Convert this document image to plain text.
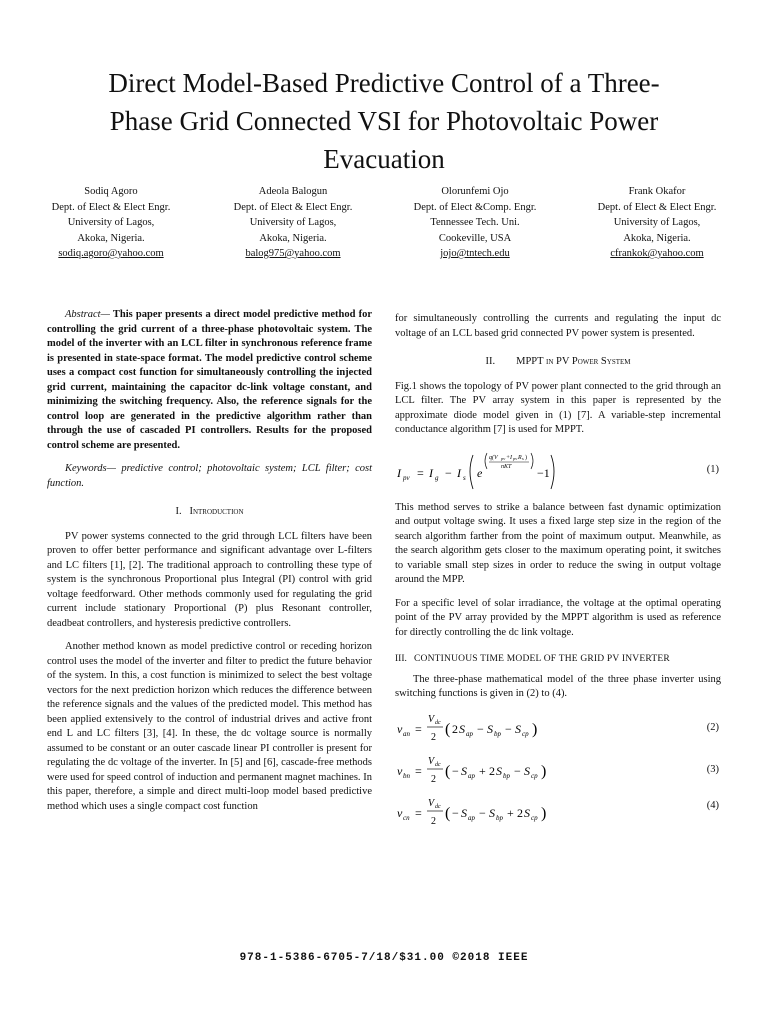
Direct Model-Based Predictive Control of a Three-
Phase Grid Connected VSI for Photovoltaic Power
Evacuation
Sodiq Agoro
Dept. of Elect & Elect Engr.
University of Lagos,
Akoka, Nigeria.
sodiq.agoro@yahoo.com
Adeola Balogun
Dept. of Elect & Elect Engr.
University of Lagos,
Akoka, Nigeria.
balog975@yahoo.com
Olorunfemi Ojo
Dept. of Elect &Comp. Engr.
Tennessee Tech. Uni.
Cookeville, USA
jojo@tntech.edu
Frank Okafor
Dept. of Elect & Elect Engr.
University of Lagos,
Akoka, Nigeria.
cfrankok@yahoo.com

Abstract— This paper presents a direct model predictive method for controlling the grid current of a three-phase photovoltaic system. The model of the inverter with an LCL filter in synchronous reference frame is presented in state-space format. The model predictive control scheme uses a compact cost function for simultaneously controlling the injected grid current, maintaining the capacitor dc-link voltage constant, and minimizing the switching frequency. Also, the reference signals for the control loop are generated in the predictive algorithm rather than through the use of cascaded PI controllers. Results for the proposed control scheme are presented.

Keywords— predictive control; photovoltaic system; LCL filter; cost function.

I. Introduction

PV power systems connected to the grid through LCL filters have been proven to offer better performance and significant advantage over L-filters and LC filters [1], [2]. The traditional approach to controlling these type of system is the synchronous Proportional plus Integral (PI) control with grid voltage feedforward. Other methods commonly used for regulating the grid current include stationary Proportional (P) plus Resonant controller, deadbeat controllers, and hysteresis predictive controllers.

Another method known as model predictive control or receding horizon control uses the model of the inverter and filter to predict the future behavior of the system. In this, a cost function is minimized to select the best voltage vectors for the next prediction horizon which reduces the difference between the reference signals and the values of the predicted model. This method has been applied extensively to the control of industrial drives and active front end L and LC filters [3], [4]. In these, the dc voltage source is normally assumed to be constant or an outer cascade linear PI controller is present for regulating the dc voltage of the inverter. In [5] and [6], cascade-free methods were used for speed control of induction and permanent magnet machines. In this paper, therefore, a simple and direct multi-loop model based predictive method which uses a single compact cost function

for simultaneously controlling the currents and regulating the input dc voltage of an LCL based grid connected PV power system is presented.

II. MPPT in PV Power System

Fig.1 shows the topology of PV power plant connected to the grid through an LCL filter. The PV array system in this paper is represented by the approximate diode model given in (1) [7]. A variable-step incremental conductance algorithm [7] is used for MPPT.

I pv = I g − I s e
q(V pv +I pv R s )
nKT −1	(1)

This method serves to strike a balance between fast dynamic optimization and output voltage swing. It uses a fixed large step size in the region of the search algorithm farther from the point of maximum output. Meanwhile, as the search algorithm gets closer to the maximum operating point, it switches to variable small step sizes in order to reduce the swing in output voltage around the MPP.

For a specific level of solar irradiance, the voltage at the optimal operating point of the PV array provided by the MPPT algorithm is used as reference for directly controlling the dc link voltage.

III. CONTINUOUS TIME MODEL OF THE GRID PV INVERTER

The three-phase mathematical model of the three phase inverter using switching functions is given in (2) to (4).

v an =
V dc
2 ( 2 S ap − S bp − S cp )	(2)
v bn =
V dc
2 ( − S ap + 2 S bp − S cp )	(3)
v cn =
V dc
2 ( − S ap − S bp + 2 S cp )	(4)
978-1-5386-6705-7/18/$31.00 ©2018 IEEE
